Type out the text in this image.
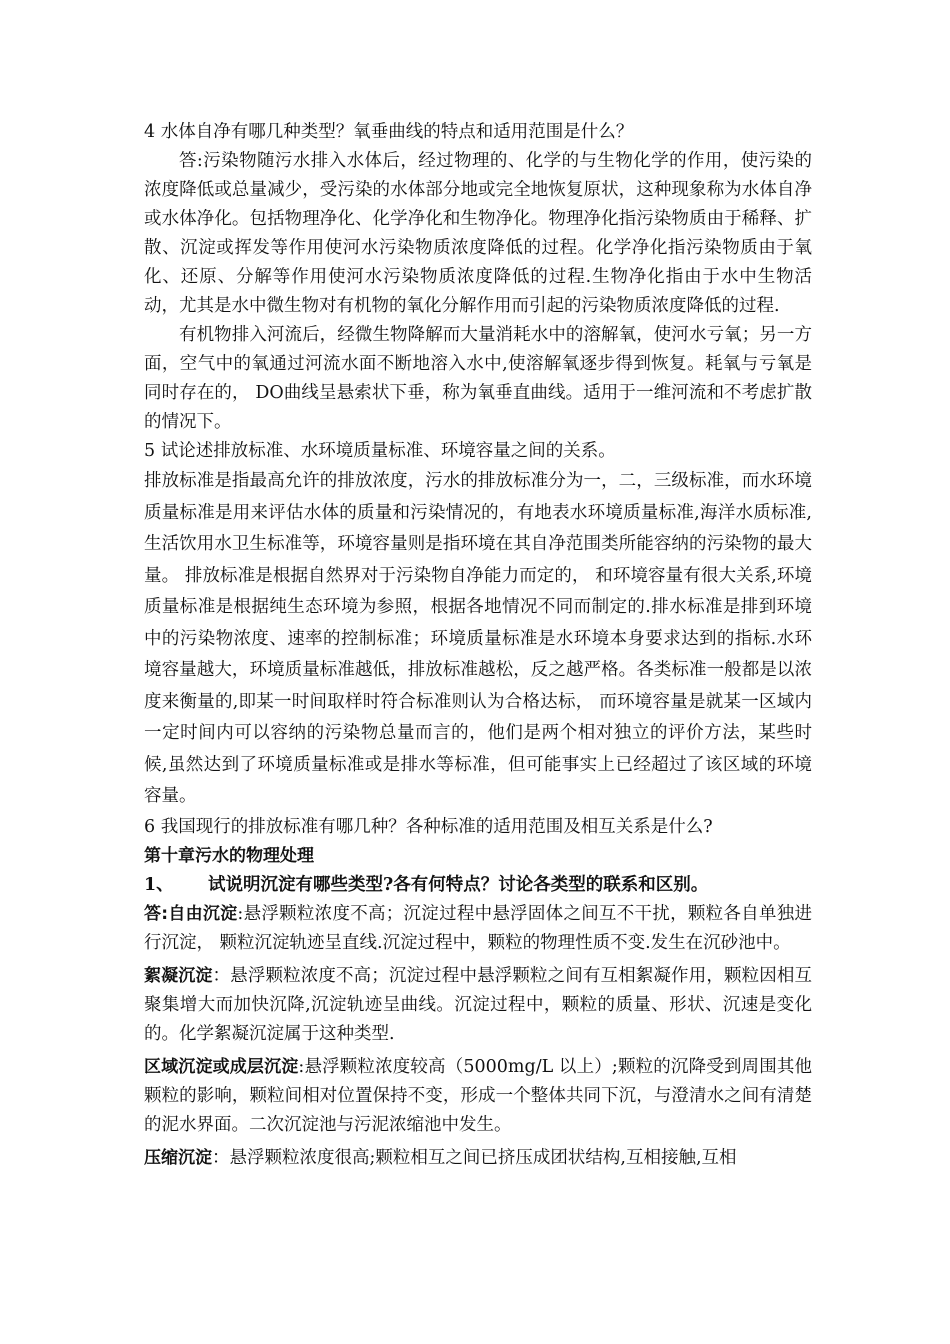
4 水体自净有哪几种类型？氧垂曲线的特点和适用范围是什么？

答:污染物随污水排入水体后，经过物理的、化学的与生物化学的作用，使污染的浓度降低或总量减少，受污染的水体部分地或完全地恢复原状，这种现象称为水体自净或水体净化。包括物理净化、化学净化和生物净化。物理净化指污染物质由于稀释、扩散、沉淀或挥发等作用使河水污染物质浓度降低的过程。化学净化指污染物质由于氧化、还原、分解等作用使河水污染物质浓度降低的过程.生物净化指由于水中生物活动，尤其是水中微生物对有机物的氧化分解作用而引起的污染物质浓度降低的过程.

有机物排入河流后，经微生物降解而大量消耗水中的溶解氧，使河水亏氧；另一方面，空气中的氧通过河流水面不断地溶入水中,使溶解氧逐步得到恢复。耗氧与亏氧是同时存在的， DO曲线呈悬索状下垂，称为氧垂直曲线。适用于一维河流和不考虑扩散的情况下。

5 试论述排放标准、水环境质量标准、环境容量之间的关系。

排放标准是指最高允许的排放浓度，污水的排放标准分为一，二，三级标准，而水环境质量标准是用来评估水体的质量和污染情况的，有地表水环境质量标准,海洋水质标准,生活饮用水卫生标准等，环境容量则是指环境在其自净范围类所能容纳的污染物的最大量。 排放标准是根据自然界对于污染物自净能力而定的， 和环境容量有很大关系,环境质量标准是根据纯生态环境为参照，根据各地情况不同而制定的.排水标准是排到环境中的污染物浓度、速率的控制标准；环境质量标准是水环境本身要求达到的指标.水环境容量越大，环境质量标准越低，排放标准越松，反之越严格。各类标准一般都是以浓度来衡量的,即某一时间取样时符合标准则认为合格达标， 而环境容量是就某一区域内一定时间内可以容纳的污染物总量而言的，他们是两个相对独立的评价方法，某些时候,虽然达到了环境质量标准或是排水等标准，但可能事实上已经超过了该区域的环境容量。

6 我国现行的排放标准有哪几种？各种标准的适用范围及相互关系是什么?

第十章污水的物理处理

1、 试说明沉淀有哪些类型?各有何特点？讨论各类型的联系和区别。

答:自由沉淀:悬浮颗粒浓度不高；沉淀过程中悬浮固体之间互不干扰，颗粒各自单独进行沉淀， 颗粒沉淀轨迹呈直线.沉淀过程中，颗粒的物理性质不变.发生在沉砂池中。

絮凝沉淀：悬浮颗粒浓度不高；沉淀过程中悬浮颗粒之间有互相絮凝作用，颗粒因相互聚集增大而加快沉降,沉淀轨迹呈曲线。沉淀过程中，颗粒的质量、形状、沉速是变化的。化学絮凝沉淀属于这种类型.

区域沉淀或成层沉淀:悬浮颗粒浓度较高（5000mg/L 以上）;颗粒的沉降受到周围其他颗粒的影响，颗粒间相对位置保持不变，形成一个整体共同下沉，与澄清水之间有清楚的泥水界面。二次沉淀池与污泥浓缩池中发生。

压缩沉淀：悬浮颗粒浓度很高;颗粒相互之间已挤压成团状结构,互相接触,互相
